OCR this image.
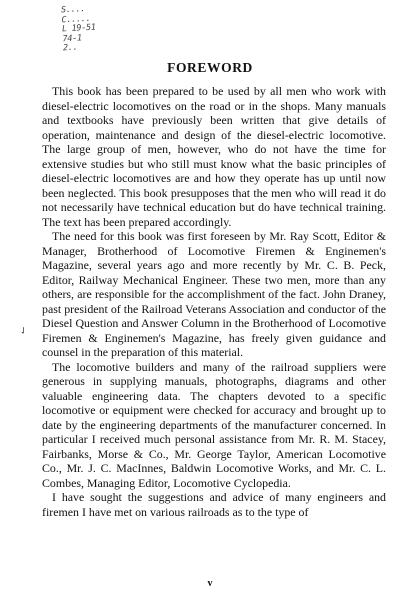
S....
C.....
L 19-51
74-1
2..
✓
FOREWORD

This book has been prepared to be used by all men who work with diesel-electric locomotives on the road or in the shops. Many manuals and textbooks have previously been written that give details of operation, maintenance and design of the diesel-electric locomotive. The large group of men, however, who do not have the time for extensive studies but who still must know what the basic principles of diesel-electric locomotives are and how they operate has up until now been neglected. This book presupposes that the men who will read it do not necessarily have technical education but do have technical training. The text has been prepared accordingly.

The need for this book was first foreseen by Mr. Ray Scott, Editor & Manager, Brotherhood of Locomotive Firemen & Enginemen's Magazine, several years ago and more recently by Mr. C. B. Peck, Editor, Railway Mechanical Engineer. These two men, more than any others, are responsible for the accomplishment of the fact. John Draney, past president of the Railroad Veterans Association and conductor of the Diesel Question and Answer Column in the Brotherhood of Locomotive Firemen & Enginemen's Magazine, has freely given guidance and counsel in the preparation of this material.

The locomotive builders and many of the railroad suppliers were generous in supplying manuals, photographs, diagrams and other valuable engineering data. The chapters devoted to a specific locomotive or equipment were checked for accuracy and brought up to date by the engineering departments of the manufacturer concerned. In particular I received much personal assistance from Mr. R. M. Stacey, Fairbanks, Morse & Co., Mr. George Taylor, American Locomotive Co., Mr. J. C. MacInnes, Baldwin Locomotive Works, and Mr. C. L. Combes, Managing Editor, Locomotive Cyclopedia.

I have sought the suggestions and advice of many engineers and firemen I have met on various railroads as to the type of

v
